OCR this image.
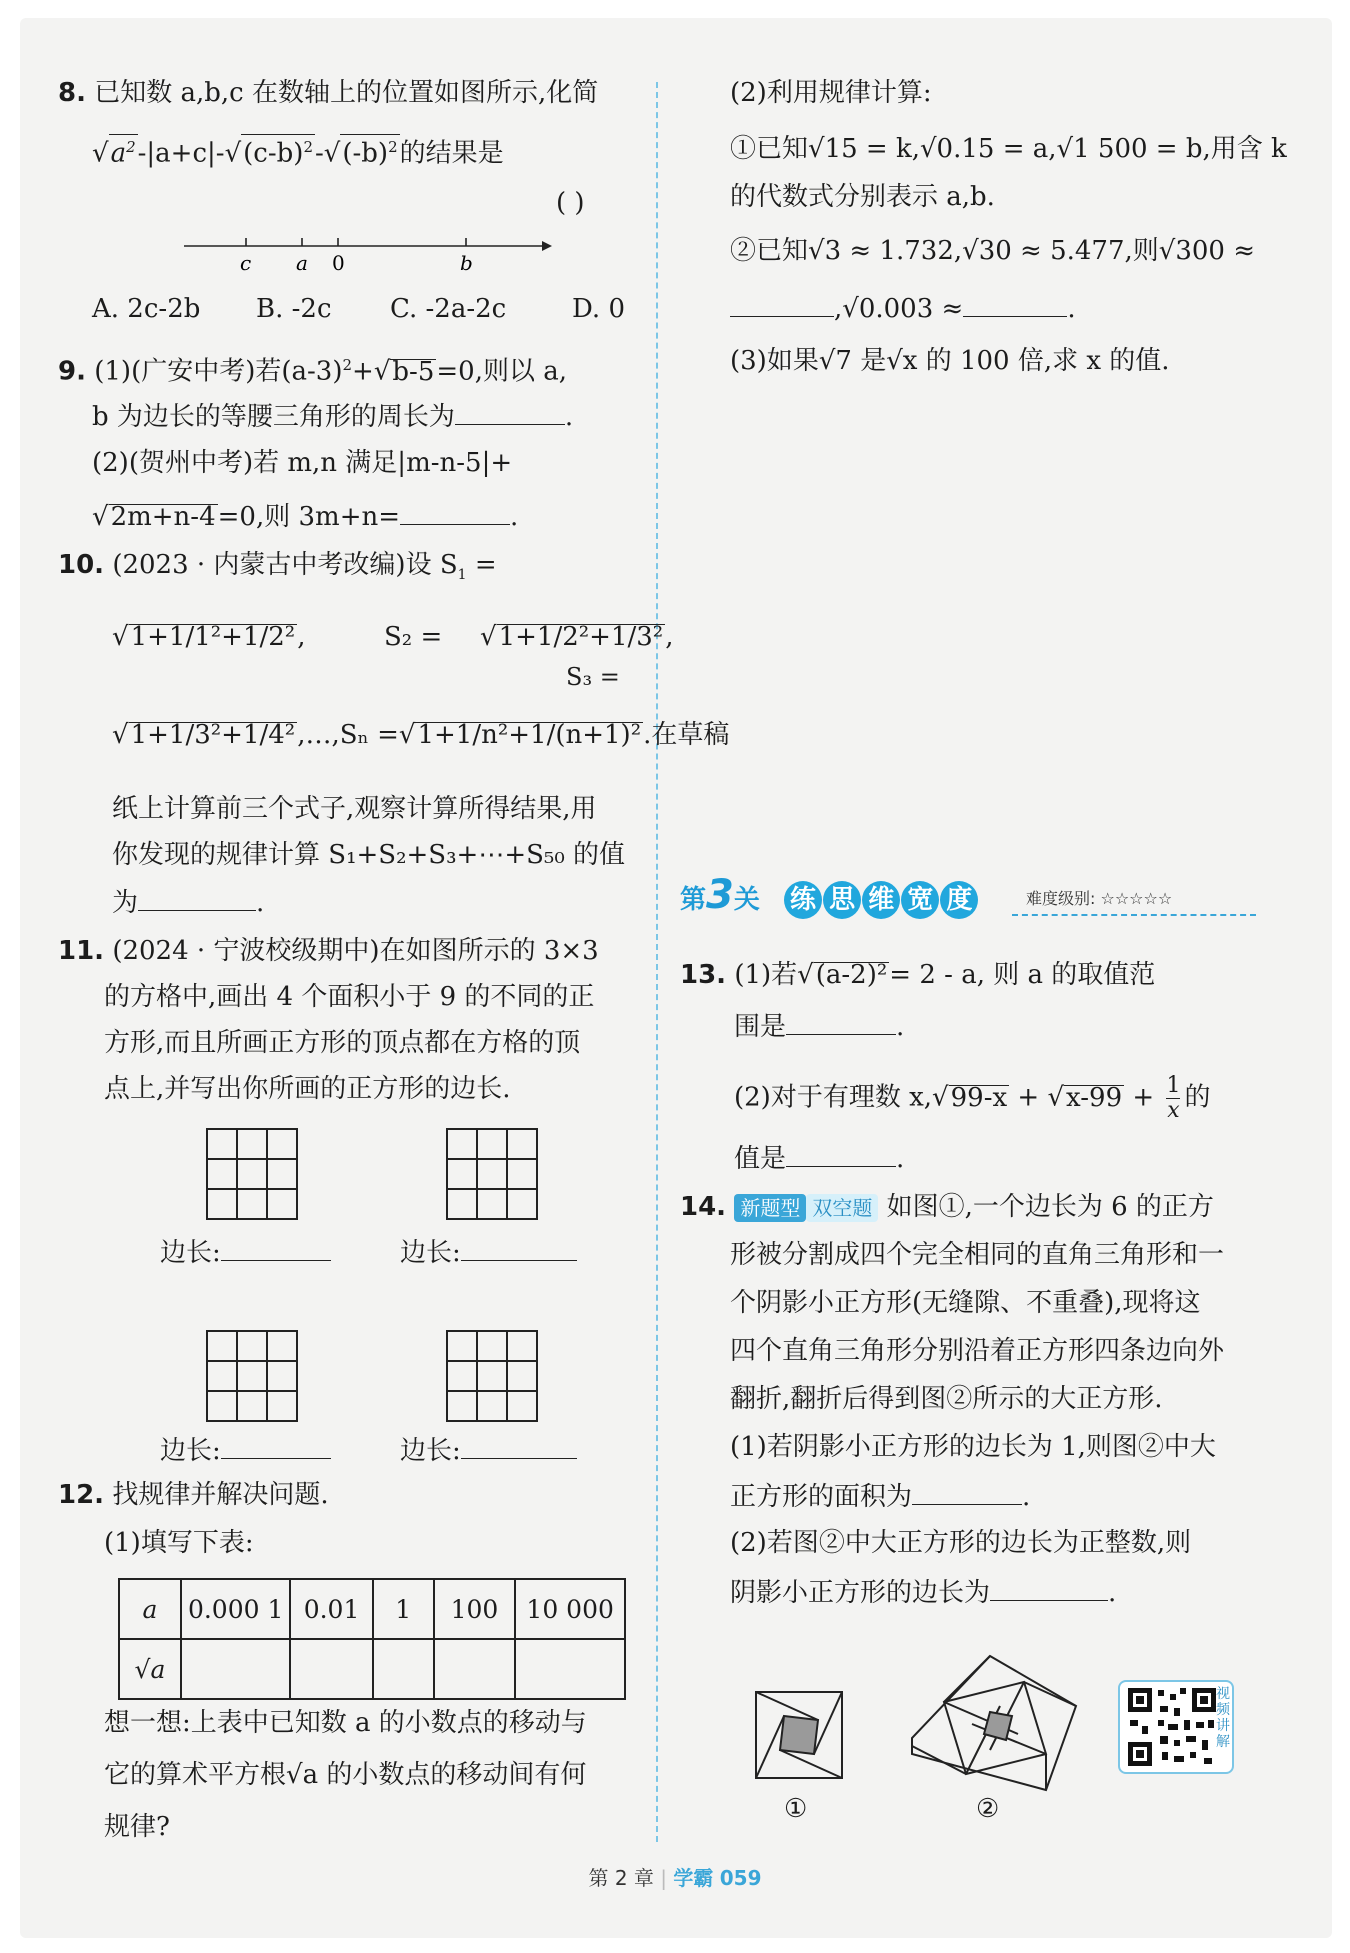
8. 已知数 a,b,c 在数轴上的位置如图所示,化简
$√a^2-|a+c|-√(c-b)^2-√(-b)^2$的结果是
( )
c a 0	b
A. 2c-2b B. -2c C. -2a-2c	D. 0
9. (1)(广安中考)若$(a-3)^2+√b-5=0$,则以 a,
b 为边长的等腰三角形的周长为	.
(2)(贺州中考)若 m,n 满足|m-n-5|+
√2m+n-4=0,则 3m+n=	.
10. (2023 · 内蒙古中考改编)设 $S_1$ =
√1+1/1²+1/2²,	S₂ = √1+1/2²+1/3²,
S₃ =
√1+1/3²+1/4²,…,Sₙ =√1+1/n²+1/(n+1)².在草稿
纸上计算前三个式子,观察计算所得结果,用
你发现的规律计算 S₁+S₂+S₃+⋯+S₅₀ 的值
为	.
11. (2024 · 宁波校级期中)在如图所示的 3×3
的方格中,画出 4 个面积小于 9 的不同的正
方形,而且所画正方形的顶点都在方格的顶
点上,并写出你所画的正方形的边长.
边长:	边长:
边长:	边长:
12. 找规律并解决问题.
(1)填写下表:
a	0.000 1	0.01	1	100	10 000
√a					
想一想:上表中已知数 a 的小数点的移动与
它的算术平方根√a 的小数点的移动间有何
规律?
(2)利用规律计算:
①已知√15 = k,√0.15 = a,√1 500 = b,用含 k
的代数式分别表示 a,b.
②已知√3 ≈ 1.732,√30 ≈ 5.477,则√300 ≈
,√0.003 ≈	.
(3)如果√7 是√x 的 100 倍,求 x 的值.
第3关 练 思 维 宽 度	难度级别: ☆☆☆☆☆
13. (1)若√(a-2)²= 2 - a, 则 a 的取值范
围是	.
(2)对于有理数 $x,√99-x + √x-99 + \frac{1}{x}$ 的
值是	.
14. 新题型 双空题 如图①,一个边长为 6 的正方
形被分割成四个完全相同的直角三角形和一
个阴影小正方形(无缝隙、不重叠),现将这
四个直角三角形分别沿着正方形四条边向外
翻折,翻折后得到图②所示的大正方形.
(1)若阴影小正方形的边长为 1,则图②中大
正方形的面积为	.
(2)若图②中大正方形的边长为正整数,则
阴影小正方形的边长为	.
①	②
视频讲解
第 2 章 | 学霸 059
